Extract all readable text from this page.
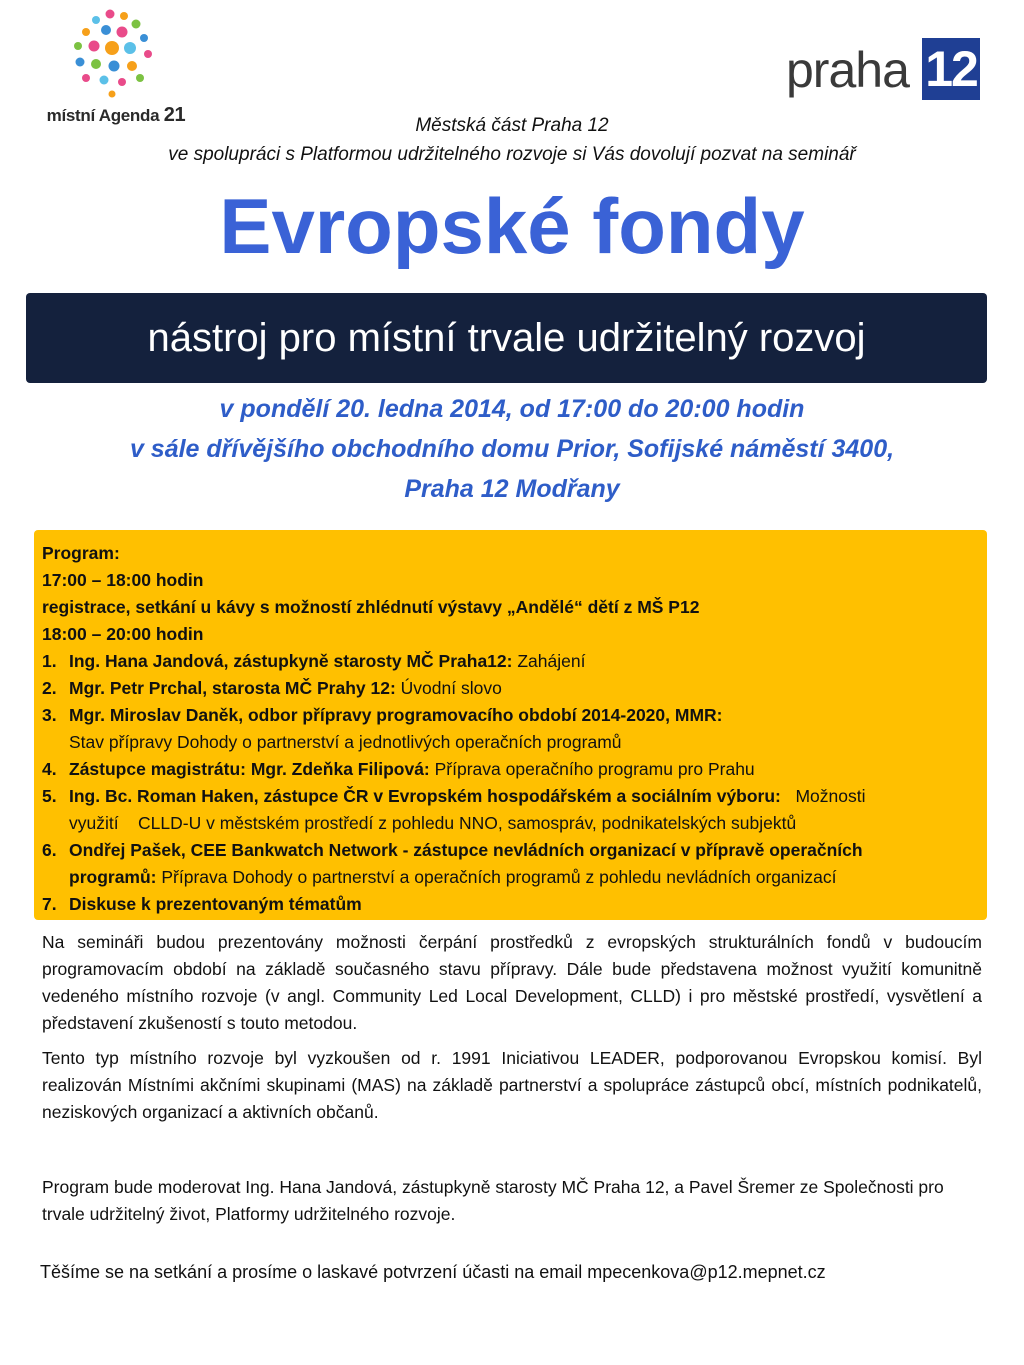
místní Agenda 21
praha 12
Městská část Praha 12
ve spolupráci s Platformou udržitelného rozvoje si Vás dovolují pozvat na seminář
Evropské fondy
nástroj pro místní trvale udržitelný rozvoj
v pondělí 20. ledna 2014, od 17:00 do 20:00 hodin
v sále dřívějšího obchodního domu Prior, Sofijské náměstí 3400,
Praha 12 Modřany
Program:
17:00 – 18:00 hodin
registrace, setkání u kávy s možností zhlédnutí výstavy „Andělé“ dětí z MŠ P12
18:00 – 20:00 hodin
1. Ing. Hana Jandová, zástupkyně starosty MČ Praha12: Zahájení
2. Mgr. Petr Prchal, starosta MČ Prahy 12: Úvodní slovo
3. Mgr. Miroslav Daněk, odbor přípravy programovacího období 2014-2020, MMR:
Stav přípravy Dohody o partnerství a jednotlivých operačních programů
4. Zástupce magistrátu: Mgr. Zdeňka Filipová: Příprava operačního programu pro Prahu
5. Ing. Bc. Roman Haken, zástupce ČR v Evropském hospodářském a sociálním výboru:   Možnosti
využití    CLLD-U v městském prostředí z pohledu NNO, samospráv, podnikatelských subjektů
6. Ondřej Pašek, CEE Bankwatch Network - zástupce nevládních organizací v přípravě operačních
programů: Příprava Dohody o partnerství a operačních programů z pohledu nevládních organizací
7. Diskuse k prezentovaným tématům
Na semináři budou prezentovány možnosti čerpání prostředků z evropských strukturálních fondů v budoucím programovacím období na základě současného stavu přípravy. Dále bude představena možnost využití komunitně vedeného místního rozvoje (v angl. Community Led Local Development, CLLD) i pro městské prostředí, vysvětlení a představení zkušeností s touto metodou.
Tento typ místního rozvoje byl vyzkoušen od r. 1991 Iniciativou LEADER, podporovanou Evropskou komisí. Byl realizován Místními akčními skupinami (MAS) na základě partnerství a spolupráce zástupců obcí, místních podnikatelů, neziskových organizací a aktivních občanů.
Program bude moderovat Ing. Hana Jandová, zástupkyně starosty MČ Praha 12, a Pavel Šremer ze Společnosti pro trvale udržitelný život, Platformy udržitelného rozvoje.
Těšíme se na setkání a prosíme o laskavé potvrzení účasti na email mpecenkova@p12.mepnet.cz
